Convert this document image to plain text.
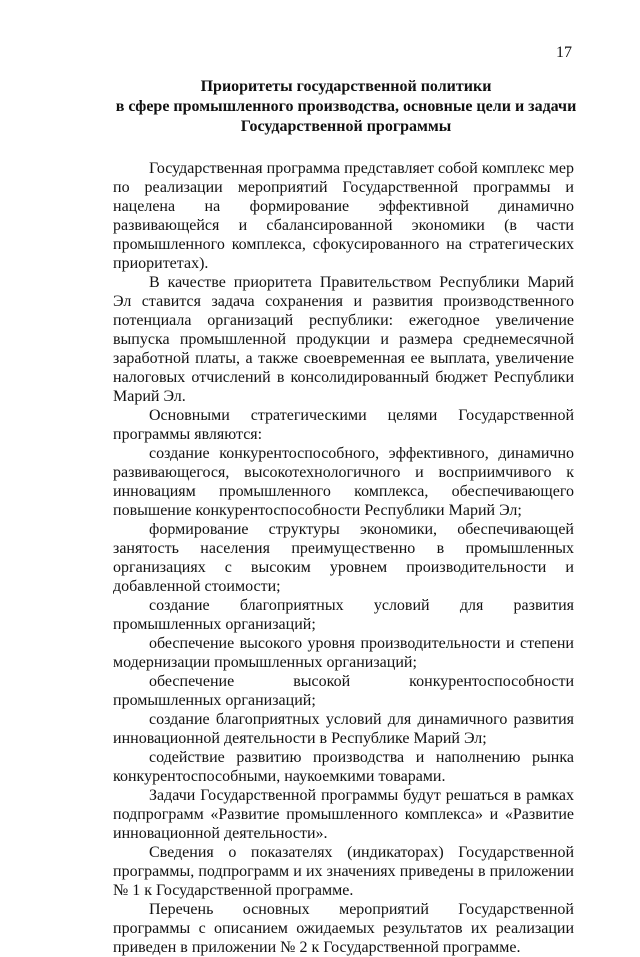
17
Приоритеты государственной политики
в сфере промышленного производства, основные цели и задачи
Государственной программы

Государственная программа представляет собой комплекс мер по реализации мероприятий Государственной программы и нацелена на формирование эффективной динамично развивающейся и сбалансированной экономики (в части промышленного комплекса, сфокусированного на стратегических приоритетах).

В качестве приоритета Правительством Республики Марий Эл ставится задача сохранения и развития производственного потенциала организаций республики: ежегодное увеличение выпуска промышленной продукции и размера среднемесячной заработной платы, а также своевременная ее выплата, увеличение налоговых отчислений в консолидированный бюджет Республики Марий Эл.

Основными стратегическими целями Государственной программы являются:

создание конкурентоспособного, эффективного, динамично развивающегося, высокотехнологичного и восприимчивого к инновациям промышленного комплекса, обеспечивающего повышение конкурентоспособности Республики Марий Эл;

формирование структуры экономики, обеспечивающей занятость населения преимущественно в промышленных организациях с высоким уровнем производительности и добавленной стоимости;

создание благоприятных условий для развития промышленных организаций;

обеспечение высокого уровня производительности и степени модернизации промышленных организаций;

обеспечение высокой конкурентоспособности промышленных организаций;

создание благоприятных условий для динамичного развития инновационной деятельности в Республике Марий Эл;

содействие развитию производства и наполнению рынка конкурентоспособными, наукоемкими товарами.

Задачи Государственной программы будут решаться в рамках подпрограмм «Развитие промышленного комплекса» и «Развитие инновационной деятельности».

Сведения о показателях (индикаторах) Государственной программы, подпрограмм и их значениях приведены в приложении № 1 к Государственной программе.

Перечень основных мероприятий Государственной программы с описанием ожидаемых результатов их реализации приведен в приложении № 2 к Государственной программе.
